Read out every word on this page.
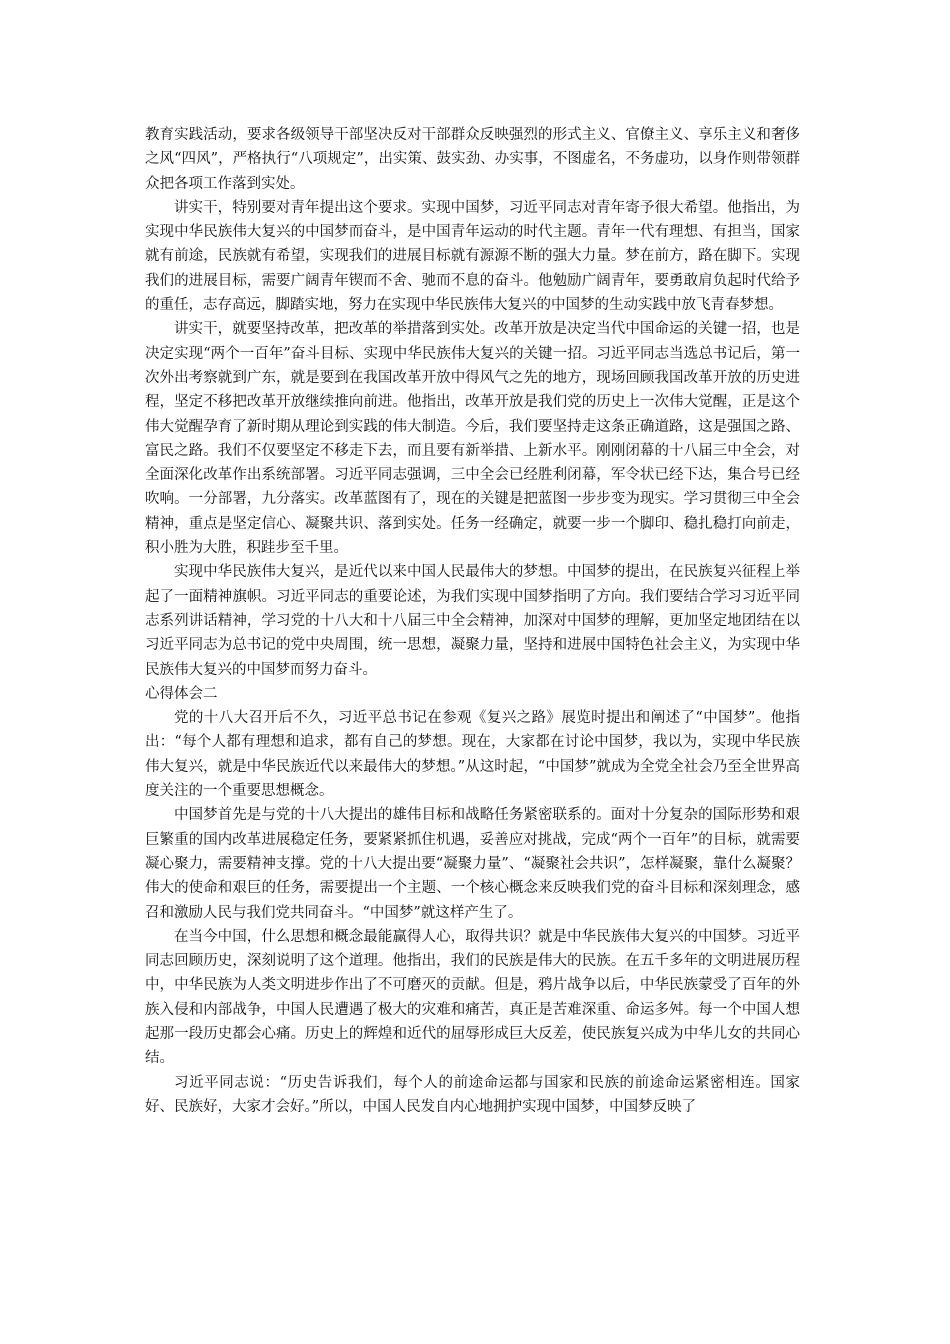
教育实践活动，要求各级领导干部坚决反对干部群众反映强烈的形式主义、官僚主义、享乐主义和奢侈之风“四风”，严格执行“八项规定”，出实策、鼓实劲、办实事，不图虚名，不务虚功，以身作则带领群众把各项工作落到实处。

讲实干，特别要对青年提出这个要求。实现中国梦，习近平同志对青年寄予很大希望。他指出，为实现中华民族伟大复兴的中国梦而奋斗，是中国青年运动的时代主题。青年一代有理想、有担当，国家就有前途，民族就有希望，实现我们的进展目标就有源源不断的强大力量。梦在前方，路在脚下。实现我们的进展目标，需要广阔青年锲而不舍、驰而不息的奋斗。他勉励广阔青年，要勇敢肩负起时代给予的重任，志存高远，脚踏实地，努力在实现中华民族伟大复兴的中国梦的生动实践中放飞青春梦想。

讲实干，就要坚持改革，把改革的举措落到实处。改革开放是决定当代中国命运的关键一招，也是决定实现“两个一百年”奋斗目标、实现中华民族伟大复兴的关键一招。习近平同志当选总书记后，第一次外出考察就到广东，就是要到在我国改革开放中得风气之先的地方，现场回顾我国改革开放的历史进程，坚定不移把改革开放继续推向前进。他指出，改革开放是我们党的历史上一次伟大觉醒，正是这个伟大觉醒孕育了新时期从理论到实践的伟大制造。今后，我们要坚持走这条正确道路，这是强国之路、富民之路。我们不仅要坚定不移走下去，而且要有新举措、上新水平。刚刚闭幕的十八届三中全会，对全面深化改革作出系统部署。习近平同志强调，三中全会已经胜利闭幕，军令状已经下达，集合号已经吹响。一分部署，九分落实。改革蓝图有了，现在的关键是把蓝图一步步变为现实。学习贯彻三中全会精神，重点是坚定信心、凝聚共识、落到实处。任务一经确定，就要一步一个脚印、稳扎稳打向前走，积小胜为大胜，积跬步至千里。

实现中华民族伟大复兴，是近代以来中国人民最伟大的梦想。中国梦的提出，在民族复兴征程上举起了一面精神旗帜。习近平同志的重要论述，为我们实现中国梦指明了方向。我们要结合学习习近平同志系列讲话精神，学习党的十八大和十八届三中全会精神，加深对中国梦的理解，更加坚定地团结在以习近平同志为总书记的党中央周围，统一思想，凝聚力量，坚持和进展中国特色社会主义，为实现中华民族伟大复兴的中国梦而努力奋斗。

心得体会二

党的十八大召开后不久，习近平总书记在参观《复兴之路》展览时提出和阐述了“中国梦”。他指出：“每个人都有理想和追求，都有自己的梦想。现在，大家都在讨论中国梦，我以为，实现中华民族伟大复兴，就是中华民族近代以来最伟大的梦想。”从这时起，“中国梦”就成为全党全社会乃至全世界高度关注的一个重要思想概念。

中国梦首先是与党的十八大提出的雄伟目标和战略任务紧密联系的。面对十分复杂的国际形势和艰巨繁重的国内改革进展稳定任务，要紧紧抓住机遇，妥善应对挑战，完成“两个一百年”的目标，就需要凝心聚力，需要精神支撑。党的十八大提出要“凝聚力量”、“凝聚社会共识”，怎样凝聚，靠什么凝聚？伟大的使命和艰巨的任务，需要提出一个主题、一个核心概念来反映我们党的奋斗目标和深刻理念，感召和激励人民与我们党共同奋斗。“中国梦”就这样产生了。

在当今中国，什么思想和概念最能赢得人心，取得共识？就是中华民族伟大复兴的中国梦。习近平同志回顾历史，深刻说明了这个道理。他指出，我们的民族是伟大的民族。在五千多年的文明进展历程中，中华民族为人类文明进步作出了不可磨灭的贡献。但是，鸦片战争以后，中华民族蒙受了百年的外族入侵和内部战争，中国人民遭遇了极大的灾难和痛苦，真正是苦难深重、命运多舛。每一个中国人想起那一段历史都会心痛。历史上的辉煌和近代的屈辱形成巨大反差，使民族复兴成为中华儿女的共同心结。

习近平同志说：“历史告诉我们，每个人的前途命运都与国家和民族的前途命运紧密相连。国家好、民族好，大家才会好。”所以，中国人民发自内心地拥护实现中国梦，中国梦反映了
